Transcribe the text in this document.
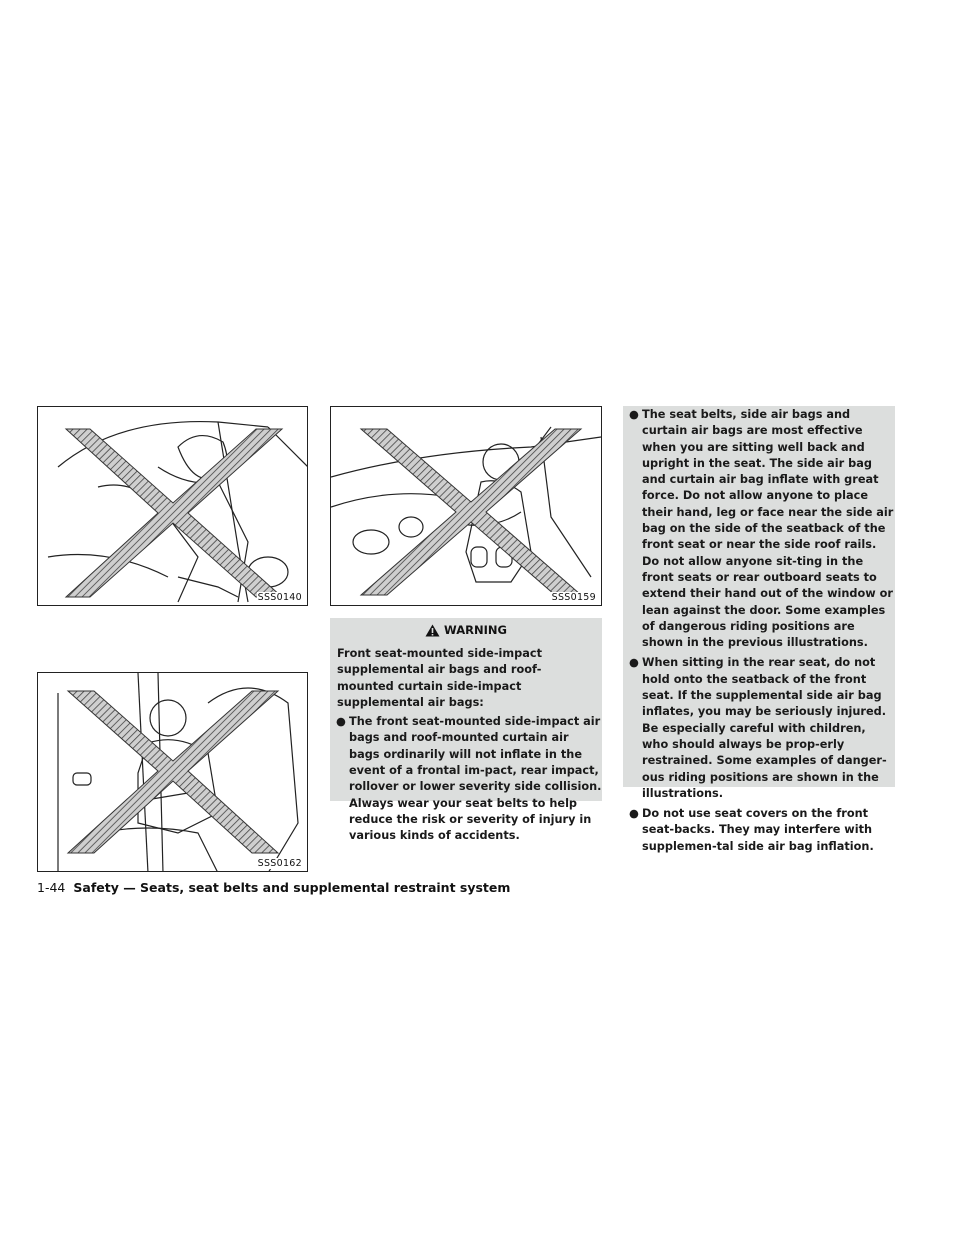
SSS0140	SSS0159
SSS0162
WARNING
Front seat-mounted side-impact supplemental air bags and roof-mounted curtain side-impact supplemental air bags:
● The front seat-mounted side-impact air bags and roof-mounted curtain air bags ordinarily will not inflate in the event of a frontal im-pact, rear impact, rollover or lower severity side collision. Always wear your seat belts to help reduce the risk or severity of injury in various kinds of accidents.
● The seat belts, side air bags and curtain air bags are most effective when you are sitting well back and upright in the seat. The side air bag and curtain air bag inflate with great force. Do not allow anyone to place their hand, leg or face near the side air bag on the side of the seatback of the front seat or near the side roof rails. Do not allow anyone sit-ting in the front seats or rear outboard seats to extend their hand out of the window or lean against the door. Some examples of dangerous riding positions are shown in the previous illustrations.
● When sitting in the rear seat, do not hold onto the seatback of the front seat. If the supplemental side air bag inflates, you may be seriously injured. Be especially careful with children, who should always be prop-erly restrained. Some examples of danger-ous riding positions are shown in the illustrations.
● Do not use seat covers on the front seat-backs. They may interfere with supplemen-tal side air bag inflation.
1-44 Safety — Seats, seat belts and supplemental restraint system
